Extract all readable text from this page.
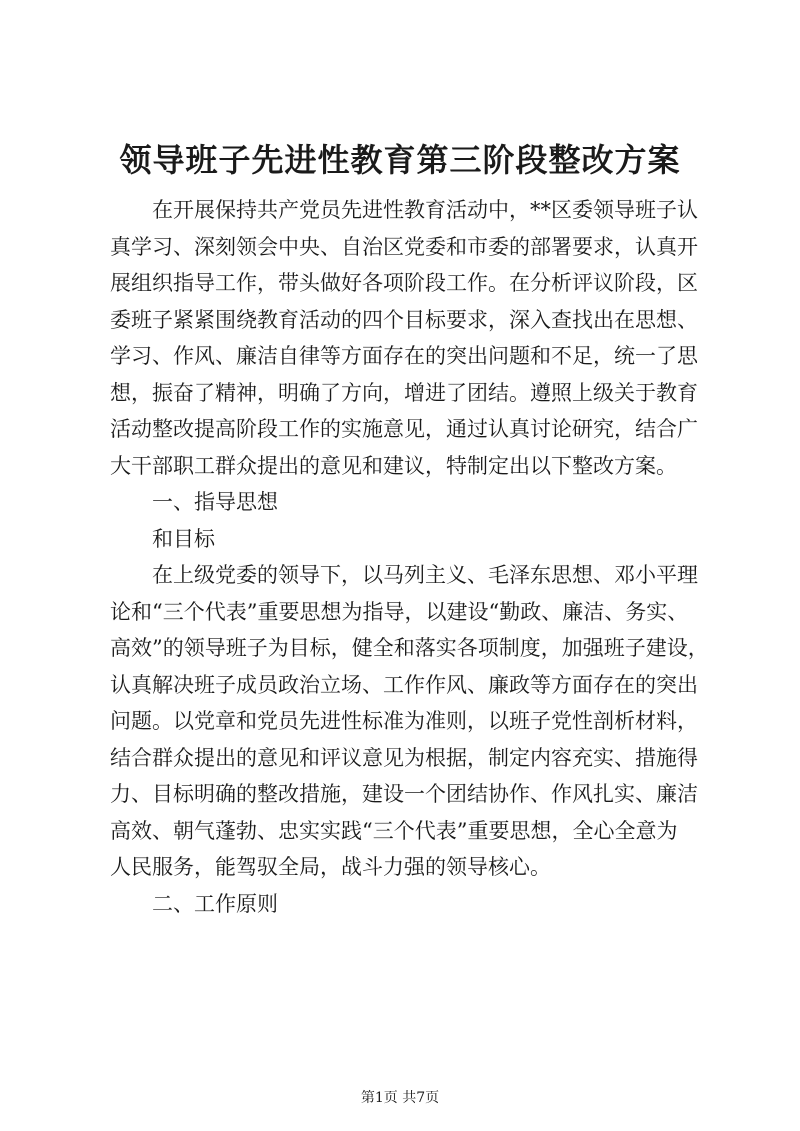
领导班子先进性教育第三阶段整改方案
在开展保持共产党员先进性教育活动中，**区委领导班子认
真学习、深刻领会中央、自治区党委和市委的部署要求，认真开
展组织指导工作，带头做好各项阶段工作。在分析评议阶段，区
委班子紧紧围绕教育活动的四个目标要求，深入查找出在思想、
学习、作风、廉洁自律等方面存在的突出问题和不足，统一了思
想，振奋了精神，明确了方向，增进了团结。遵照上级关于教育
活动整改提高阶段工作的实施意见，通过认真讨论研究，结合广
大干部职工群众提出的意见和建议，特制定出以下整改方案。
一、指导思想
和目标
在上级党委的领导下，以马列主义、毛泽东思想、邓小平理
论和“三个代表”重要思想为指导，以建设“勤政、廉洁、务实、
高效”的领导班子为目标，健全和落实各项制度，加强班子建设，
认真解决班子成员政治立场、工作作风、廉政等方面存在的突出
问题。以党章和党员先进性标准为准则，以班子党性剖析材料，
结合群众提出的意见和评议意见为根据，制定内容充实、措施得
力、目标明确的整改措施，建设一个团结协作、作风扎实、廉洁
高效、朝气蓬勃、忠实实践“三个代表”重要思想，全心全意为
人民服务，能驾驭全局，战斗力强的领导核心。
二、工作原则
第1页 共7页
